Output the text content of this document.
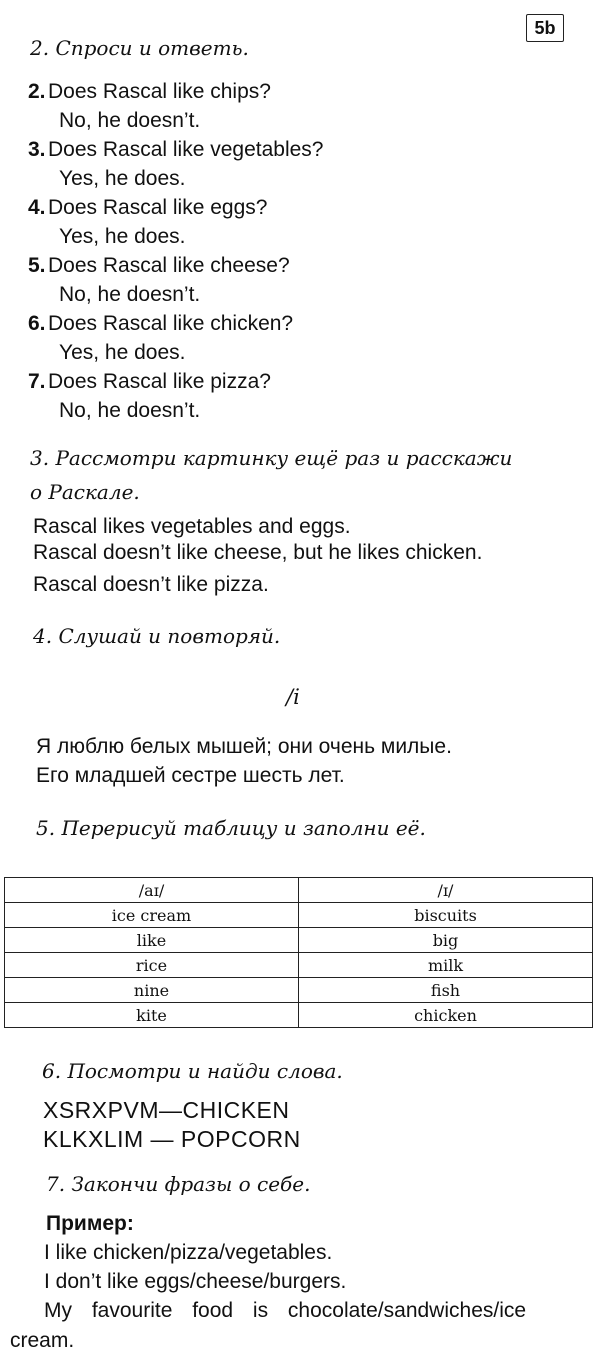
5b
2. Спроси и ответь.
2. Does Rascal like chips?
No, he doesn’t.
3. Does Rascal like vegetables?
Yes, he does.
4. Does Rascal like eggs?
Yes, he does.
5. Does Rascal like cheese?
No, he doesn’t.
6. Does Rascal like chicken?
Yes, he does.
7. Does Rascal like pizza?
No, he doesn’t.
3. Рассмотри картинку ещё раз и расскажи
о Раскале.
Rascal likes vegetables and eggs.
Rascal doesn’t like cheese, but he likes chicken.
Rascal doesn’t like pizza.
4. Слушай и повторяй.
/i
Я люблю белых мышей; они очень милые.
Его младшей сестре шесть лет.
5. Перерисуй таблицу и заполни её.
/aɪ/	/ɪ/
ice cream	biscuits
like	big
rice	milk
nine	fish
kite	chicken
6. Посмотри и найди слова.
XSRXPVM—CHICKEN
KLKXLIM — POPCORN
7. Закончи фразы о себе.
Пример:
I like chicken/pizza/vegetables.
I don’t like eggs/cheese/burgers.
My favourite food is chocolate/sandwiches/ice
cream.
